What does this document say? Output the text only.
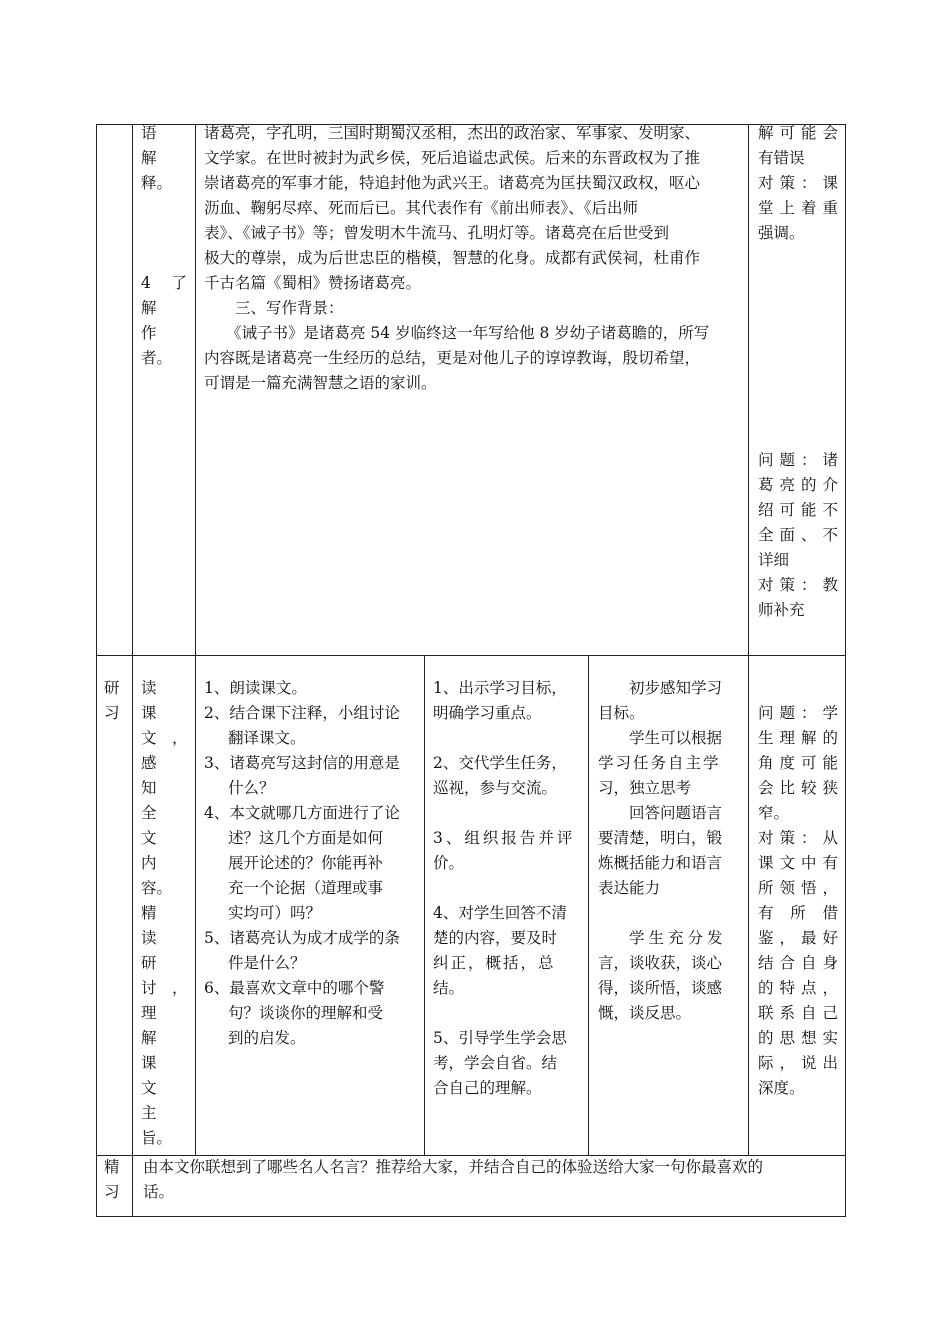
语　解

释。

4　了

解　作

者。

诸葛亮，字孔明，三国时期蜀汉丞相，杰出的政治家、军事家、发明家、

文学家。在世时被封为武乡侯，死后追谥忠武侯。后来的东晋政权为了推

崇诸葛亮的军事才能，特追封他为武兴王。诸葛亮为匡扶蜀汉政权，呕心

沥血、鞠躬尽瘁、死而后已。其代表作有《前出师表》、《后出师

表》、《诫子书》等；曾发明木牛流马、孔明灯等。诸葛亮在后世受到

极大的尊崇，成为后世忠臣的楷模，智慧的化身。成都有武侯祠，杜甫作

千古名篇《蜀相》赞扬诸葛亮。

三、写作背景：

《诫子书》是诸葛亮 54 岁临终这一年写给他 8 岁幼子诸葛瞻的，所写

内容既是诸葛亮一生经历的总结，更是对他儿子的谆谆教诲，殷切希望，

可谓是一篇充满智慧之语的家训。

解可能会

有错误

对策：课

堂上着重

强调。

问题：诸

葛亮的介

绍可能不

全面、不

详细

对策：教

师补充

研

习

读　课

文　，

感　知

全　文

内

容。

精　读

研

讨　，

理　解

课　文

主

旨。

1、朗读课文。

2、结合课下注释，小组讨论

翻译课文。

3、诸葛亮写这封信的用意是

什么？

4、本文就哪几方面进行了论

述？这几个方面是如何

展开论述的？你能再补

充一个论据（道理或事

实均可）吗？

5、诸葛亮认为成才成学的条

件是什么？

6、最喜欢文章中的哪个警

句？谈谈你的理解和受

到的启发。

1、出示学习目标，

明确学习重点。

2、交代学生任务，

巡视，参与交流。

3、组织报告并评

价。

4、对学生回答不清

楚的内容，要及时

纠正，概括，总

结。

5、引导学生学会思

考，学会自省。结

合自己的理解。

初步感知学习

目标。

学生可以根据

学习任务自主学

习，独立思考

回答问题语言

要清楚，明白，锻

炼概括能力和语言

表达能力

学生充分发

言，谈收获，谈心

得，谈所悟，谈感

慨，谈反思。

问题：学

生理解的

角度可能

会比较狭

窄。

对策：从

课文中有

所领悟，

有　所　借

鉴，最好

结合自身

的特点，

联系自己

的思想实

际，说出

深度。

精

习

由本文你联想到了哪些名人名言？推荐给大家，并结合自己的体验送给大家一句你最喜欢的

话。
